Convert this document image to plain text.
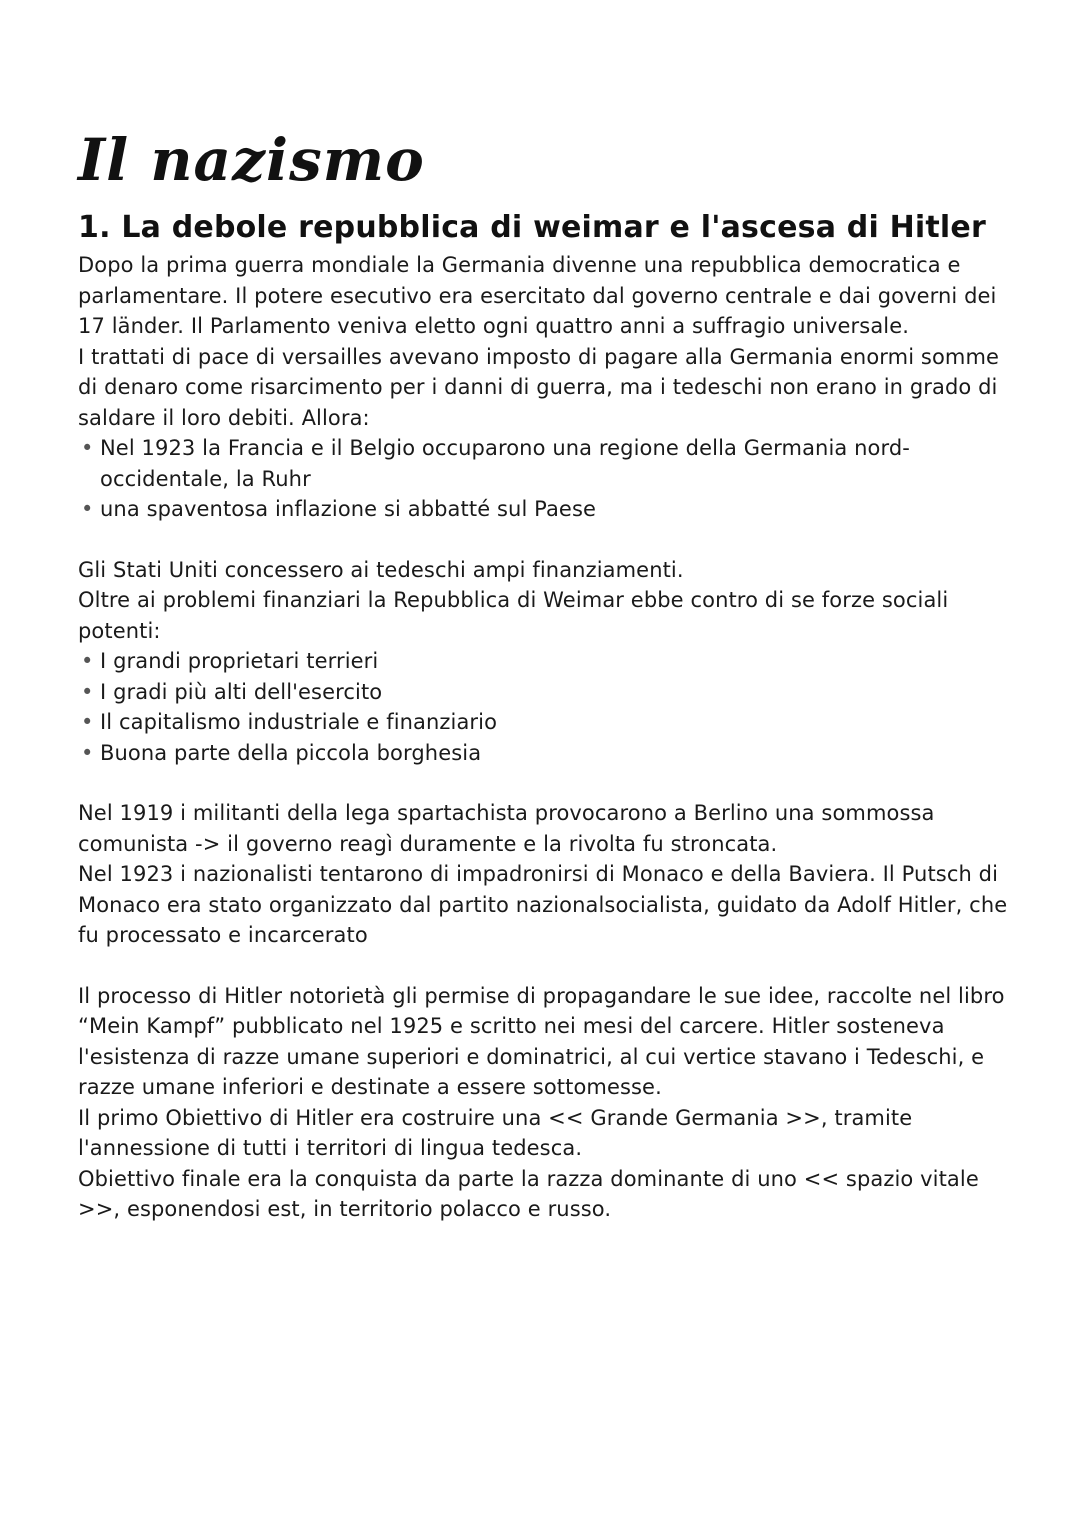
Il nazismo
1. La debole repubblica di weimar e l'ascesa di Hitler

Dopo la prima guerra mondiale la Germania divenne una repubblica democratica e parlamentare. Il potere esecutivo era esercitato dal governo centrale e dai governi dei 17 länder. Il Parlamento veniva eletto ogni quattro anni a suffragio universale.

I trattati di pace di versailles avevano imposto di pagare alla Germania enormi somme di denaro come risarcimento per i danni di guerra, ma i tedeschi non erano in grado di saldare il loro debiti. Allora:

• Nel 1923 la Francia e il Belgio occuparono una regione della Germania nord-occidentale, la Ruhr
• una spaventosa inflazione si abbatté sul Paese

Gli Stati Uniti concessero ai tedeschi ampi finanziamenti.

Oltre ai problemi finanziari la Repubblica di Weimar ebbe contro di se forze sociali potenti:

• I grandi proprietari terrieri
• I gradi più alti dell'esercito
• Il capitalismo industriale e finanziario
• Buona parte della piccola borghesia

Nel 1919 i militanti della lega spartachista provocarono a Berlino una sommossa comunista -> il governo reagì duramente e la rivolta fu stroncata.

Nel 1923 i nazionalisti tentarono di impadronirsi di Monaco e della Baviera. Il Putsch di Monaco era stato organizzato dal partito nazionalsocialista, guidato da Adolf Hitler, che fu processato e incarcerato

Il processo di Hitler notorietà gli permise di propagandare le sue idee, raccolte nel libro “Mein Kampf” pubblicato nel 1925 e scritto nei mesi del carcere. Hitler sosteneva l'esistenza di razze umane superiori e dominatrici, al cui vertice stavano i Tedeschi, e razze umane inferiori e destinate a essere sottomesse.

Il primo Obiettivo di Hitler era costruire una << Grande Germania >>, tramite l'annessione di tutti i territori di lingua tedesca.

Obiettivo finale era la conquista da parte la razza dominante di uno << spazio vitale >>, esponendosi est, in territorio polacco e russo.
